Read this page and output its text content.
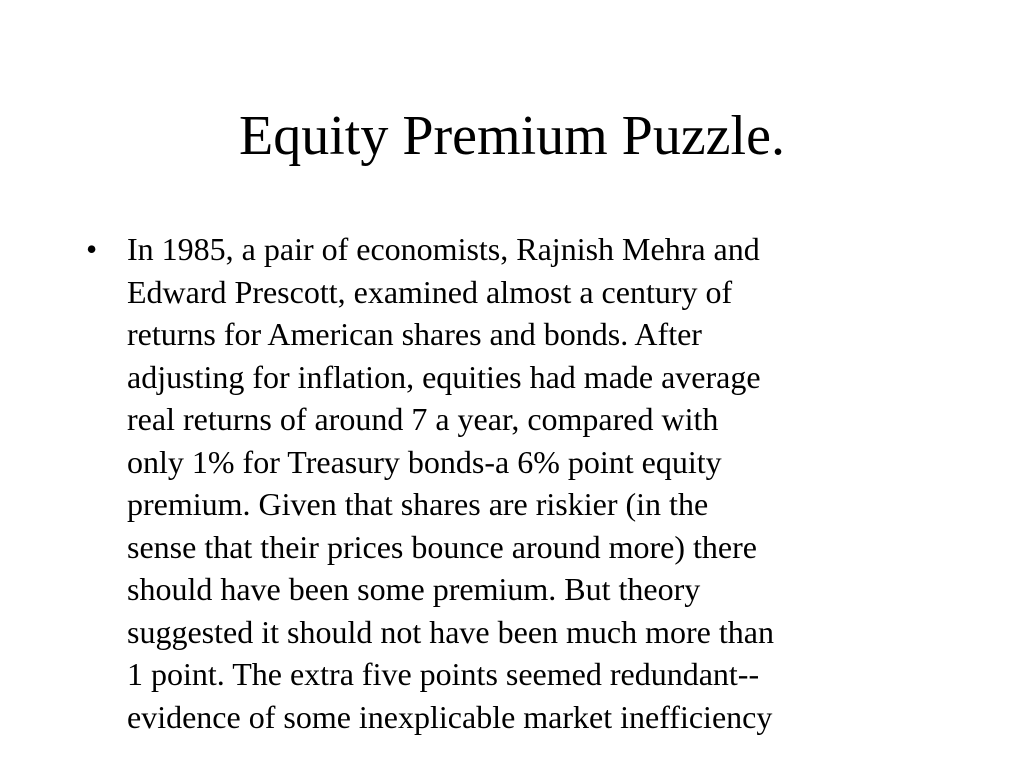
Equity Premium Puzzle.
• In 1985, a pair of economists, Rajnish Mehra and
Edward Prescott, examined almost a century of
returns for American shares and bonds. After
adjusting for inflation, equities had made average
real returns of around 7 a year, compared with
only 1% for Treasury bonds-a 6% point equity
premium. Given that shares are riskier (in the
sense that their prices bounce around more) there
should have been some premium. But theory
suggested it should not have been much more than
1 point. The extra five points seemed redundant--
evidence of some inexplicable market inefficiency
